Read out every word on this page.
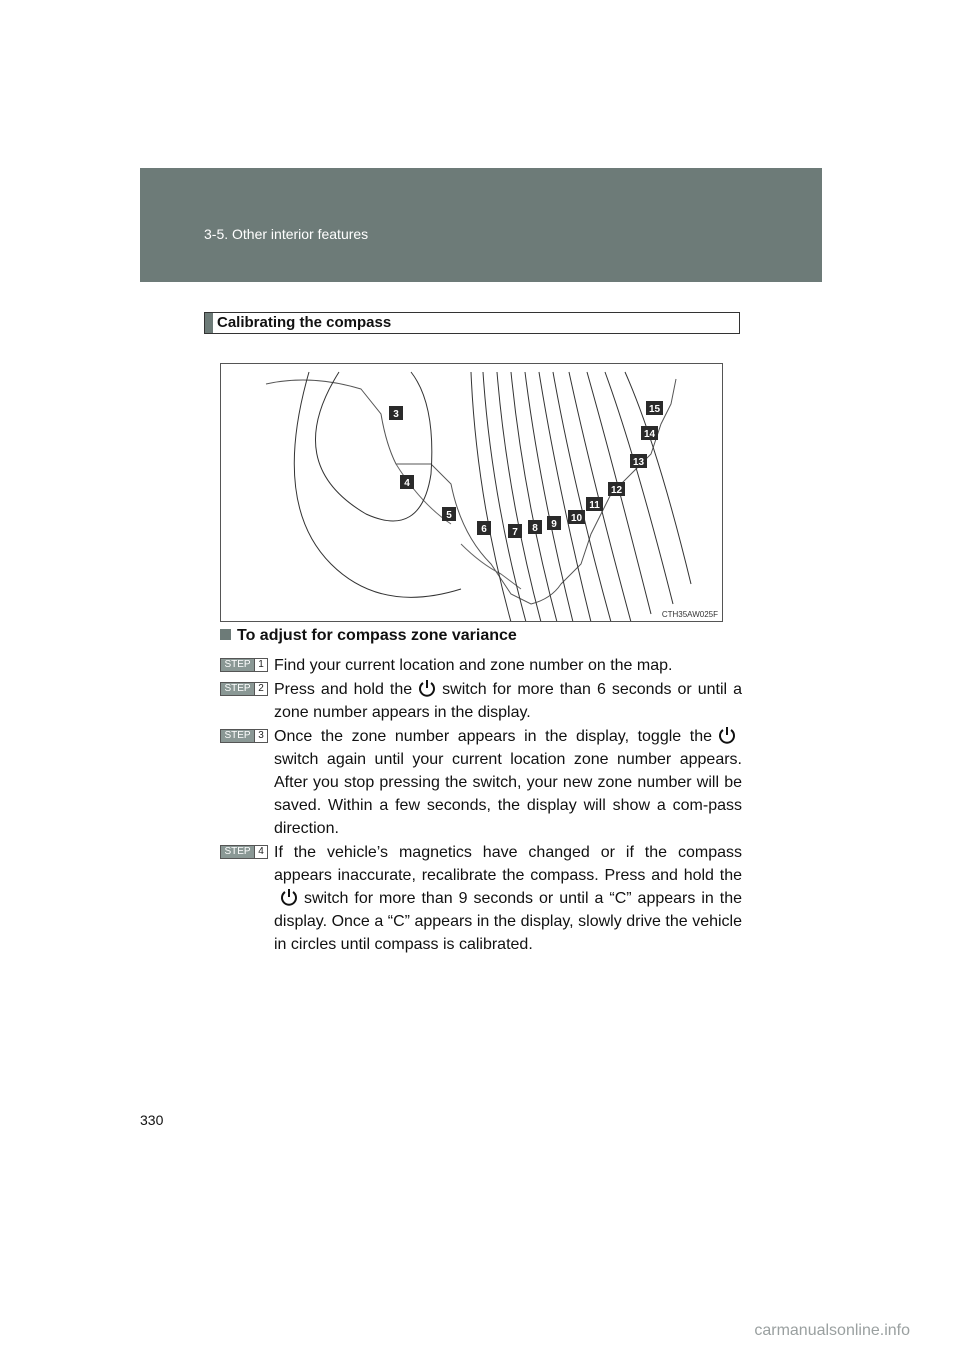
3-5. Other interior features
Calibrating the compass
3
4
5
6	7 8 9
10
11
12
13
14
15
CTH35AW025F
To adjust for compass zone variance
STEP 1 Find your current location and zone number on the map.
STEP 2 Press and hold the switch for more than 6 seconds or until a zone number appears in the display.
STEP 3 Once the zone number appears in the display, toggle theswitch again until your current location zone number appears. After you stop pressing the switch, your new zone number will be saved. Within a few seconds, the display will show a com-pass direction.
STEP 4 If the vehicle’s magnetics have changed or if the compass appears inaccurate, recalibrate the compass. Press and hold theswitch for more than 9 seconds or until a “C” appears in the display. Once a “C” appears in the display, slowly drive the vehicle in circles until compass is calibrated.
330
carmanualsonline.info
